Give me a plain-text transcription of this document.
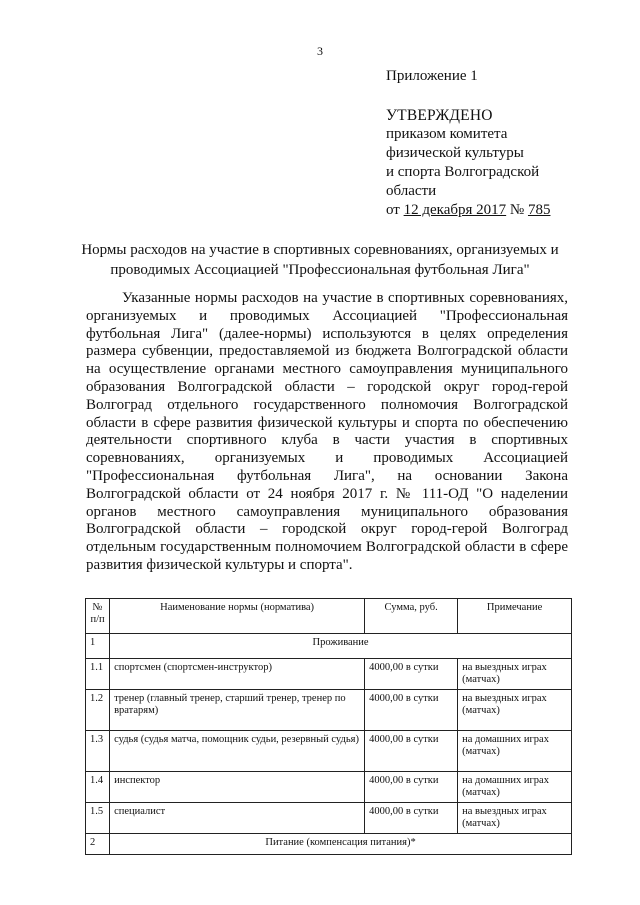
3
Приложение 1
УТВЕРЖДЕНО
приказом комитета
физической культуры
и спорта Волгоградской
области
от 12 декабря 2017 № 785
Нормы расходов на участие в спортивных соревнованиях, организуемых и проводимых Ассоциацией "Профессиональная футбольная Лига"

Указанные нормы расходов на участие в спортивных соревнованиях, организуемых и проводимых Ассоциацией "Профессиональная футбольная Лига" (далее-нормы) используются в целях определения размера субвенции, предоставляемой из бюджета Волгоградской области на осуществление органами местного самоуправления муниципального образования Волгоградской области – городской округ город-герой Волгоград отдельного государственного полномочия Волгоградской области в сфере развития физической культуры и спорта по обеспечению деятельности спортивного клуба в части участия в спортивных соревнованиях, организуемых и проводимых Ассоциацией "Профессиональная футбольная Лига", на основании Закона Волгоградской области от 24 ноября 2017 г. № 111-ОД "О наделении органов местного самоуправления муниципального образования Волгоградской области – городской округ город-герой Волгоград отдельным государственным полномочием Волгоградской области в сфере развития физической культуры и спорта".

№ п/п	Наименование нормы (норматива)	Сумма, руб.	Примечание
1	Проживание		
1.1	спортсмен (спортсмен-инструктор)	4000,00 в сутки	на выездных играх (матчах)
1.2	тренер (главный тренер, старший тренер, тренер по вратарям)	4000,00 в сутки	на выездных играх (матчах)
1.3	судья (судья матча, помощник судьи, резервный судья)	4000,00 в сутки	на домашних играх (матчах)
1.4	инспектор	4000,00 в сутки	на домашних играх (матчах)
1.5	специалист	4000,00 в сутки	на выездных играх (матчах)
2	Питание (компенсация питания)*		
